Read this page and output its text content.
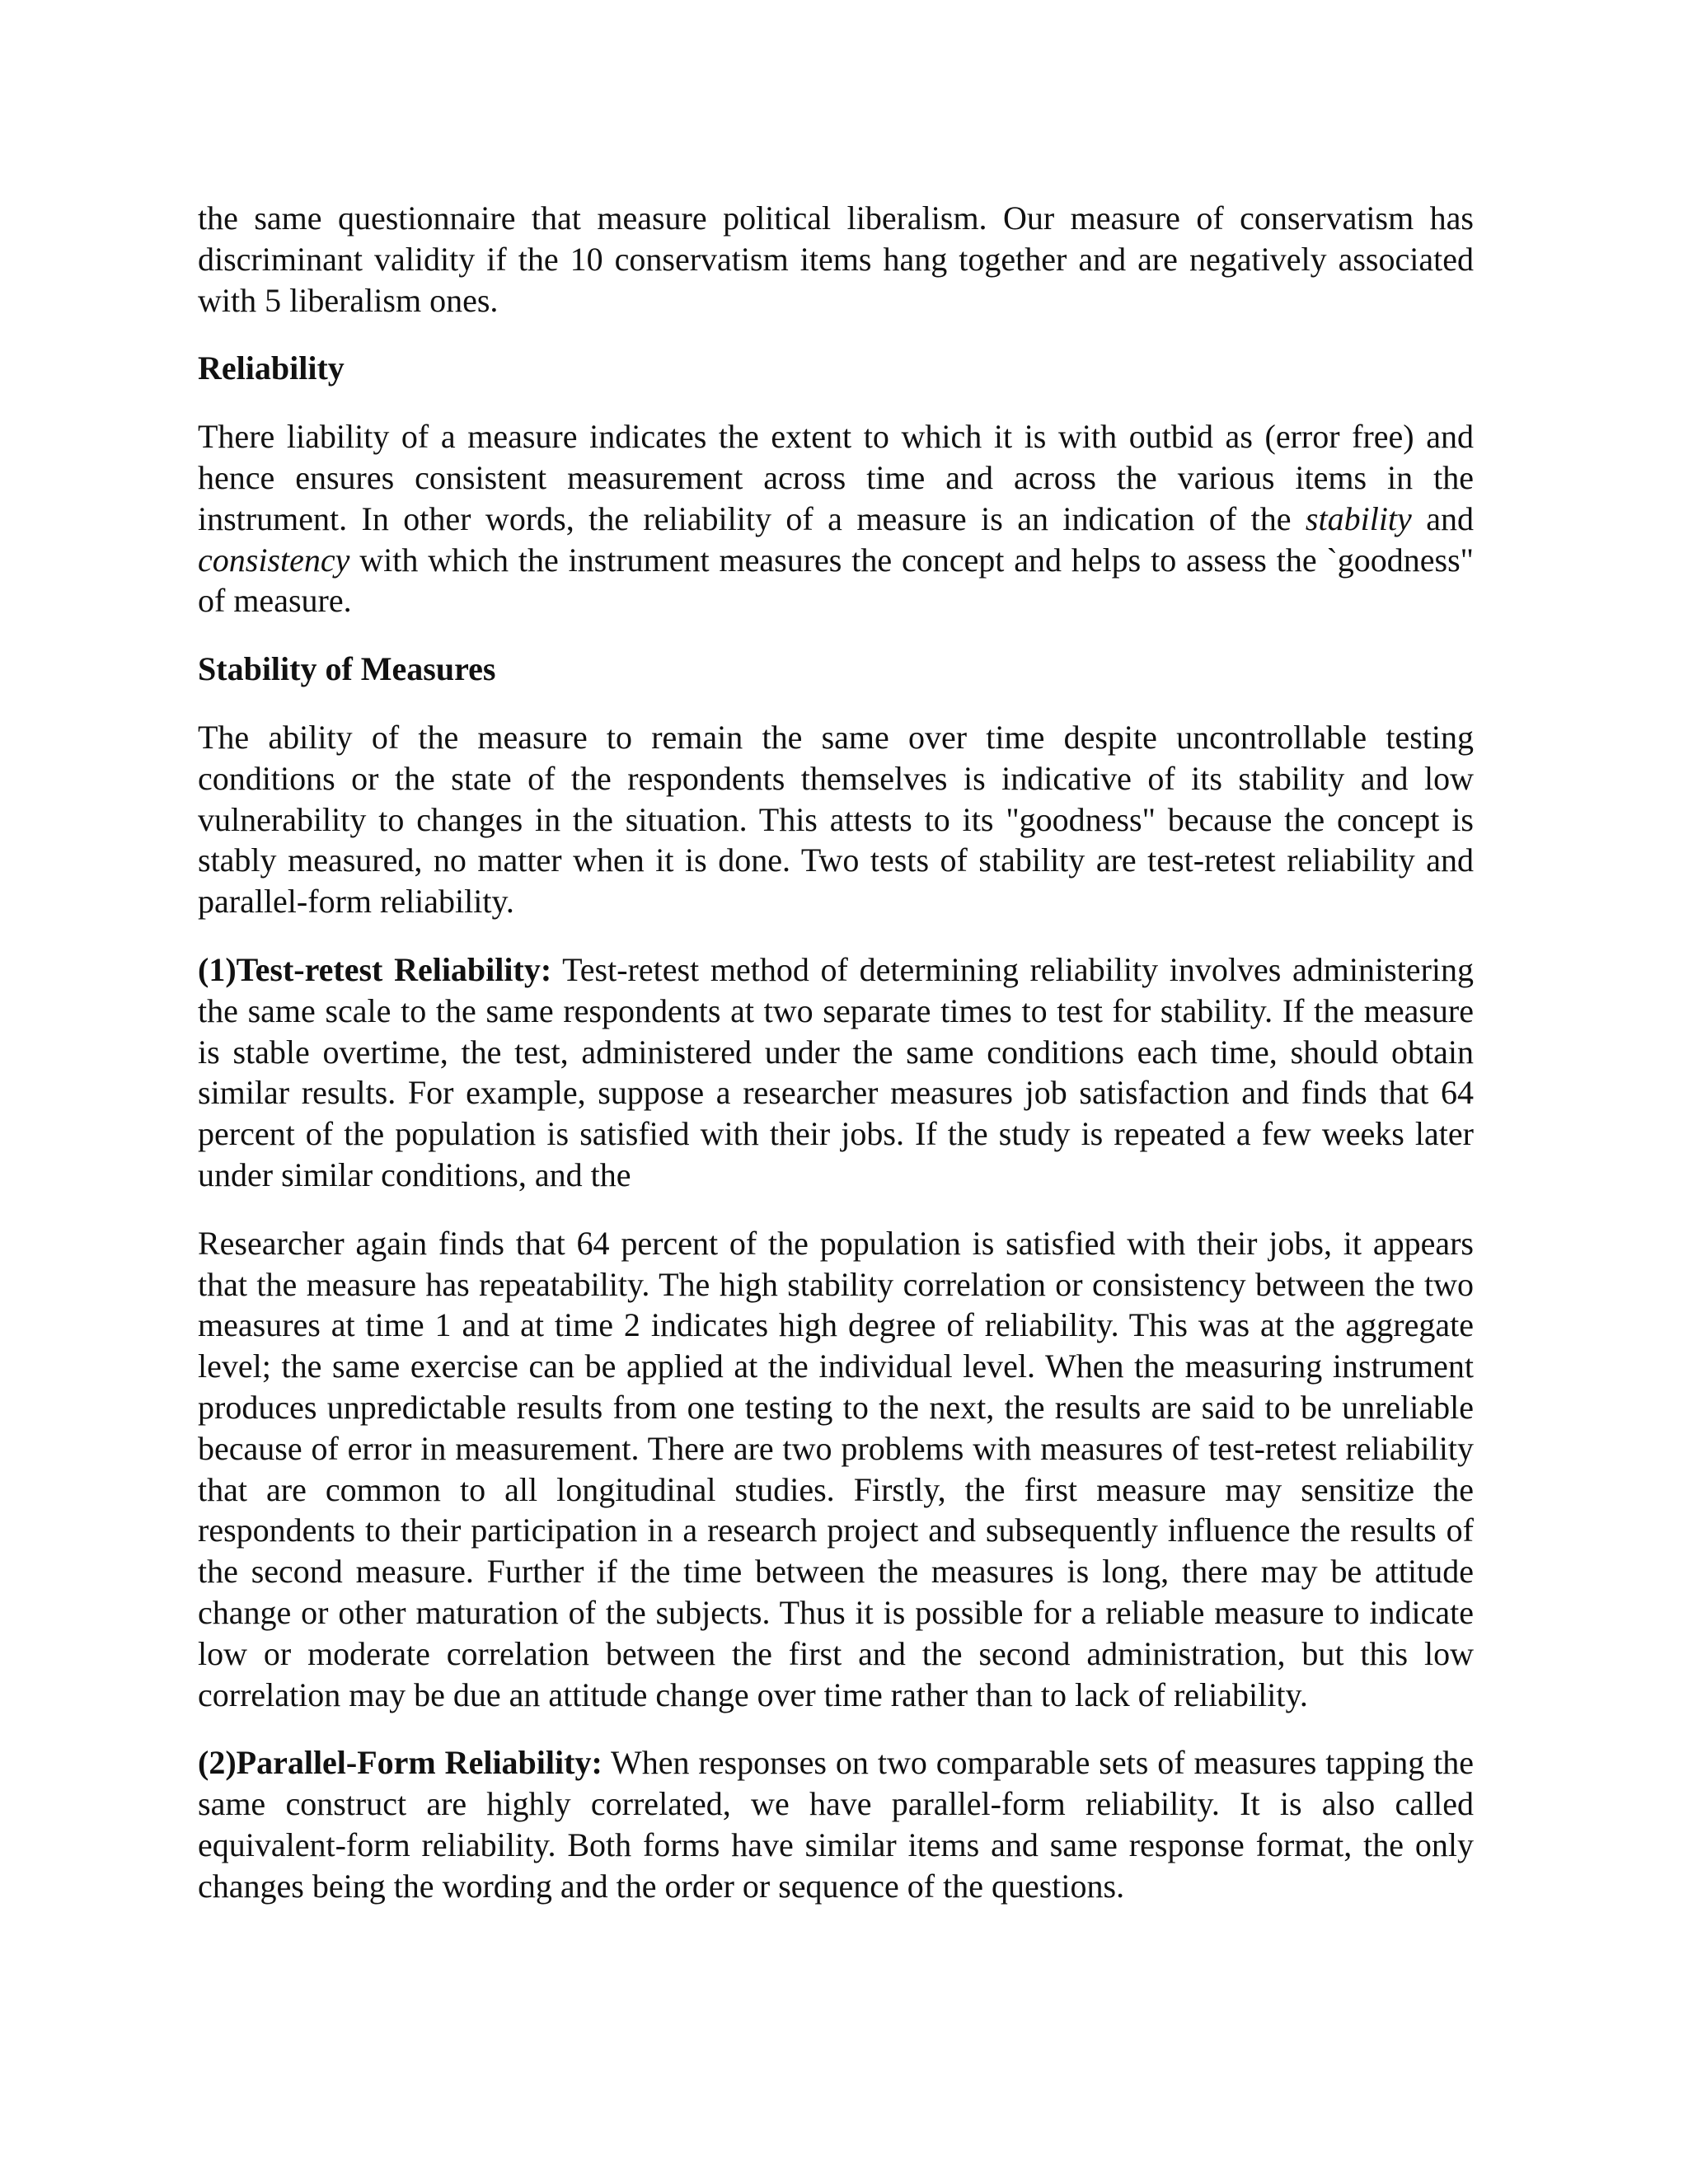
the same questionnaire that measure political liberalism. Our measure of conservatism has discriminant validity if the 10 conservatism items hang together and are negatively associated with 5 liberalism ones.

Reliability

There liability of a measure indicates the extent to which it is with outbid as (error free) and hence ensures consistent measurement across time and across the various items in the instrument. In other words, the reliability of a measure is an indication of the stability and consistency with which the instrument measures the concept and helps to assess the `goodness" of measure.

Stability of Measures

The ability of the measure to remain the same over time despite uncontrollable testing conditions or the state of the respondents themselves is indicative of its stability and low vulnerability to changes in the situation. This attests to its "goodness" because the concept is stably measured, no matter when it is done. Two tests of stability are test-retest reliability and parallel-form reliability.

(1)Test-retest Reliability: Test-retest method of determining reliability involves administering the same scale to the same respondents at two separate times to test for stability. If the measure is stable overtime, the test, administered under the same conditions each time, should obtain similar results. For example, suppose a researcher measures job satisfaction and finds that 64 percent of the population is satisfied with their jobs. If the study is repeated a few weeks later under similar conditions, and the

Researcher again finds that 64 percent of the population is satisfied with their jobs, it appears that the measure has repeatability. The high stability correlation or consistency between the two measures at time 1 and at time 2 indicates high degree of reliability. This was at the aggregate level; the same exercise can be applied at the individual level. When the measuring instrument produces unpredictable results from one testing to the next, the results are said to be unreliable because of error in measurement. There are two problems with measures of test-retest reliability that are common to all longitudinal studies. Firstly, the first measure may sensitize the respondents to their participation in a research project and subsequently influence the results of the second measure. Further if the time between the measures is long, there may be attitude change or other maturation of the subjects. Thus it is possible for a reliable measure to indicate low or moderate correlation between the first and the second administration, but this low correlation may be due an attitude change over time rather than to lack of reliability.

(2)Parallel-Form Reliability: When responses on two comparable sets of measures tapping the same construct are highly correlated, we have parallel-form reliability. It is also called equivalent-form reliability. Both forms have similar items and same response format, the only changes being the wording and the order or sequence of the questions.
